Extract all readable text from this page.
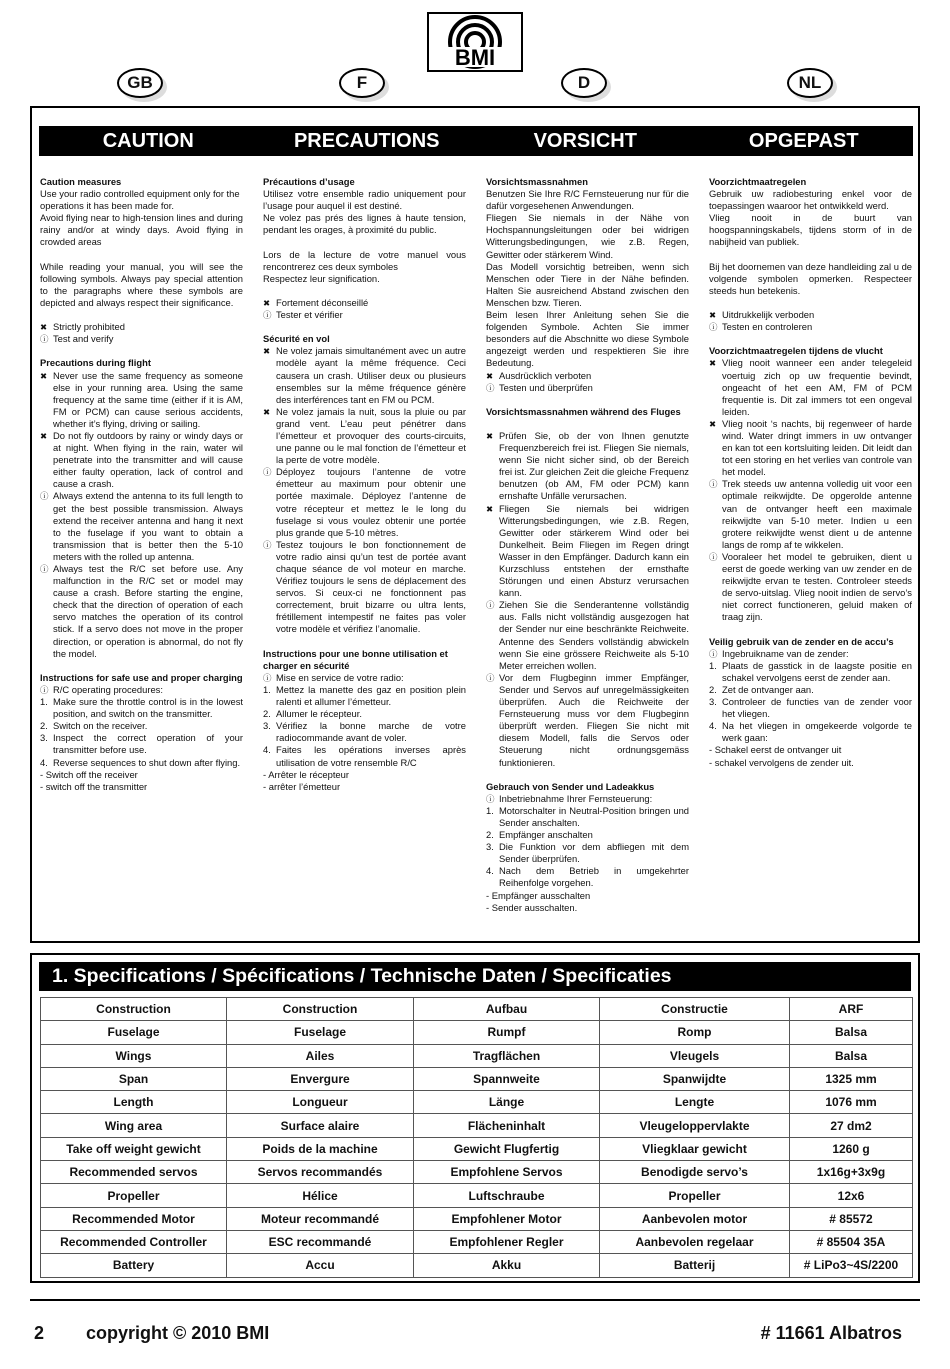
BMI
GB	F	D	NL
CAUTION	PRECAUTIONS	VORSICHT	OPGEPAST
Caution measures
Use your radio controlled equipment only for the operations it has been made for.
Avoid flying near to high-tension lines and during rainy and/or at windy days. Avoid flying in crowded areas
While reading your manual, you will see the following symbols. Always pay special attention to the paragraphs where these symbols are depicted and always respect their significance.
✖ Strictly prohibited
ⓘ Test and verify
Precautions during flight
✖ Never use the same frequency as someone else in your running area. Using the same frequency at the same time (either if it is AM, FM or PCM) can cause serious accidents, whether it’s flying, driving or sailing.
✖ Do not fly outdoors by rainy or windy days or at night. When flying in the rain, water wil penetrate into the transmitter and will cause either faulty operation, lack of control and cause a crash.
ⓘ Always extend the antenna to its full length to get the best possible transmission. Always extend the receiver antenna and hang it next to the fuselage if you want to obtain a transmission that is better then the 5-10 meters with the rolled up antenna.
ⓘ Always test the R/C set before use. Any malfunction in the R/C set or model may cause a crash. Before starting the engine, check that the direction of operation of each servo matches the operation of its control stick. If a servo does not move in the proper direction, or operation is abnormal, do not fly the model.
Instructions for safe use and proper charging
ⓘ R/C operating procedures:
1. Make sure the throttle control is in the lowest position, and switch on the transmitter.
2. Switch on the receiver.
3. Inspect the correct operation of your transmitter before use.
4. Reverse sequences to shut down after flying.
- Switch off the receiver
- switch off the transmitter
Précautions d’usage
Utilisez votre ensemble radio uniquement pour l’usage pour auquel il est destiné.
Ne volez pas prés des lignes à haute tension, pendant les orages, à proximité du public.
Lors de la lecture de votre manuel vous rencontrerez ces deux symboles
Respectez leur signification.
✖ Fortement déconseillé
ⓘ Tester et vérifier
Sécurité en vol
✖ Ne volez jamais simultanément avec un autre modèle ayant la même fréquence. Ceci causera un crash. Utiliser deux ou plusieurs ensembles sur la même fréquence génère des interférences tant en FM ou PCM.
✖ Ne volez jamais la nuit, sous la pluie ou par grand vent. L’eau peut pénétrer dans l’émetteur et provoquer des courts-circuits, une panne ou le mal fonction de l’émetteur et la perte de votre modèle.
ⓘ Déployez toujours l’antenne de votre émetteur au maximum pour obtenir une portée maximale. Déployez l’antenne de votre récepteur et mettez le le long du fuselage si vous voulez obtenir une portée plus grande que 5-10 mètres.
ⓘ Testez toujours le bon fonctionnement de votre radio ainsi qu’un test de portée avant chaque séance de vol moteur en marche. Vérifiez toujours le sens de déplacement des servos. Si ceux-ci ne fonctionnent pas correctement, bruit bizarre ou ultra lents, frétillement intempestif ne faites pas voler votre modèle et vérifiez l’anomalie.
Instructions pour une bonne utilisation et charger en sécurité
ⓘ Mise en service de votre radio:
1. Mettez la manette des gaz en position plein ralenti et allumer l’émetteur.
2. Allumer le récepteur.
3. Vérifiez la bonne marche de votre radiocommande avant de voler.
4. Faites les opérations inverses après utilisation de votre rensemble R/C
- Arrêter le récepteur
- arrêter l’émetteur
Vorsichtsmassnahmen
Benutzen Sie Ihre R/C Fernsteuerung nur für die dafür vorgesehenen Anwendungen.
Fliegen Sie niemals in der Nähe von Hochspannungsleitungen oder bei widrigen Witterungsbedingungen, wie z.B. Regen, Gewitter oder stärkerem Wind.
Das Modell vorsichtig betreiben, wenn sich Menschen oder Tiere in der Nähe befinden. Halten Sie ausreichend Abstand zwischen den Menschen bzw. Tieren.
Beim lesen Ihrer Anleitung sehen Sie die folgenden Symbole. Achten Sie immer besonders auf die Abschnitte wo diese Symbole angezeigt werden und respektieren Sie ihre Bedeutung.
✖ Ausdrücklich verboten
ⓘ Testen und überprüfen
Vorsichtsmassnahmen während des Fluges
✖ Prüfen Sie, ob der von Ihnen genutzte Frequenzbereich frei ist. Fliegen Sie niemals, wenn Sie nicht sicher sind, ob der Bereich frei ist. Zur gleichen Zeit die gleiche Frequenz benutzen (ob AM, FM oder PCM) kann ernshafte Unfälle verursachen.
✖ Fliegen Sie niemals bei widrigen Witterungsbedingungen, wie z.B. Regen, Gewitter oder stärkerem Wind oder bei Dunkelheit. Beim Fliegen im Regen dringt Wasser in den Empfänger. Dadurch kann ein Kurzschluss entstehen der ernsthafte Störungen und einen Absturz verursachen kann.
ⓘ Ziehen Sie die Senderantenne vollständig aus. Falls nicht vollständig ausgezogen hat der Sender nur eine beschränkte Reichweite. Antenne des Senders vollständig abwickeln wenn Sie eine grössere Reichweite als 5-10 Meter erreichen wollen.
ⓘ Vor dem Flugbeginn immer Empfänger, Sender und Servos auf unregelmässigkeiten überprüfen. Auch die Reichweite der Fernsteuerung muss vor dem Flugbeginn überprüft werden. Fliegen Sie nicht mit diesem Modell, falls die Servos oder Steuerung nicht ordnungsgemäss funktionieren.
Gebrauch von Sender und Ladeakkus
ⓘ Inbetriebnahme Ihrer Fernsteuerung:
1. Motorschalter in Neutral-Position bringen und Sender anschalten.
2. Empfänger anschalten
3. Die Funktion vor dem abfliegen mit dem Sender überprüfen.
4. Nach dem Betrieb in umgekehrter Reihenfolge vorgehen.
- Empfänger ausschalten
- Sender ausschalten.
Voorzichtmaatregelen
Gebruik uw radiobesturing enkel voor de toepassingen waaroor het ontwikkeld werd.
Vlieg nooit in de buurt van hoogspanningskabels, tijdens storm of in de nabijheid van publiek.
Bij het doornemen van deze handleiding zal u de volgende symbolen opmerken. Respecteer steeds hun betekenis.
✖ Uitdrukkelijk verboden
ⓘ Testen en controleren
Voorzichtmaatregelen tijdens de vlucht
✖ Vlieg nooit wanneer een ander telegeleid voertuig zich op uw frequentie bevindt, ongeacht of het een AM, FM of PCM frequentie is. Dit zal immers tot een ongeval leiden.
✖ Vlieg nooit ‘s nachts, bij regenweer of harde wind. Water dringt immers in uw ontvanger en kan tot een kortsluiting leiden. Dit leidt dan tot een storing en het verlies van controle van het model.
ⓘ Trek steeds uw antenna volledig uit voor een optimale reikwijdte. De opgerolde antenne van de ontvanger heeft een maximale reikwijdte van 5-10 meter. Indien u een grotere reikwijdte wenst dient u de antenne langs de romp af te wikkelen.
ⓘ Vooraleer het model te gebruiken, dient u eerst de goede werking van uw zender en de reikwijdte ervan te testen. Controleer steeds de servo-uitslag. Vlieg nooit indien de servo’s niet correct functioneren, geluid maken of traag zijn.
Veilig gebruik van de zender en de accu’s
ⓘ Ingebruikname van de zender:
1. Plaats de gasstick in de laagste positie en schakel vervolgens eerst de zender aan.
2. Zet de ontvanger aan.
3. Controleer de functies van de zender voor het vliegen.
4. Na het vliegen in omgekeerde volgorde te werk gaan:
- Schakel eerst de ontvanger uit
- schakel vervolgens de zender uit.
1. Specifications / Spécifications / Technische Daten / Specificaties
Construction	Construction	Aufbau	Constructie	ARF
Fuselage	Fuselage	Rumpf	Romp	Balsa
Wings	Ailes	Tragflächen	Vleugels	Balsa
Span	Envergure	Spannweite	Spanwijdte	1325 mm
Length	Longueur	Länge	Lengte	1076 mm
Wing area	Surface alaire	Flächeninhalt	Vleugeloppervlakte	27 dm2
Take off weight gewicht	Poids de la machine	Gewicht Flugfertig	Vliegklaar gewicht	1260 g
Recommended servos	Servos recommandés	Empfohlene Servos	Benodigde servo’s	1x16g+3x9g
Propeller	Hélice	Luftschraube	Propeller	12x6
Recommended Motor	Moteur recommandé	Empfohlener Motor	Aanbevolen motor	# 85572
Recommended Controller	ESC recommandé	Empfohlener Regler	Aanbevolen regelaar	# 85504 35A
Battery	Accu	Akku	Batterij	# LiPo3~4S/2200
2 copyright © 2010 BMI	# 11661 Albatros
